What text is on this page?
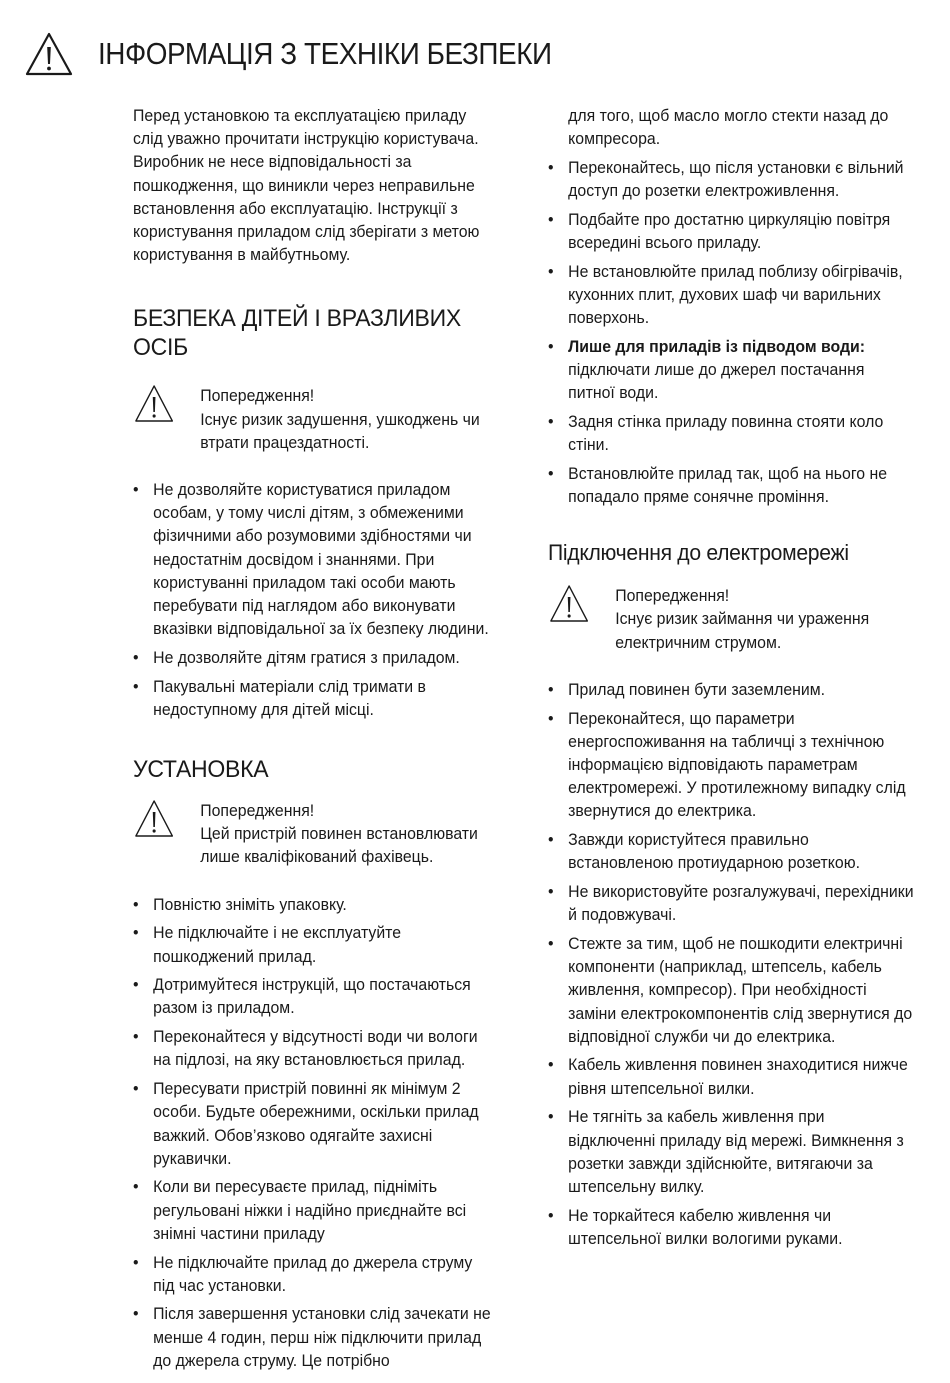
ІНФОРМАЦІЯ З ТЕХНІКИ БЕЗПЕКИ

Перед установкою та експлуатацією приладу слід уважно прочитати інструкцію користувача. Виробник не несе відповідальності за пошкодження, що виникли через неправильне встановлення або експлуатацію. Інструкції з користування приладом слід зберігати з метою користування в майбутньому.

БЕЗПЕКА ДІТЕЙ І ВРАЗЛИВИХ ОСІБ
Попередження!
Існує ризик задушення, ушкоджень чи втрати працездатності.
• Не дозволяйте користуватися приладом особам, у тому числі дітям, з обмеженими фізичними або розумовими здібностями чи недостатнім досвідом і знаннями. При користуванні приладом такі особи мають перебувати під наглядом або виконувати вказівки відповідальної за їх безпеку людини.
• Не дозволяйте дітям гратися з приладом.
• Пакувальні матеріали слід тримати в недоступному для дітей місці.
УСТАНОВКА
Попередження!
Цей пристрій повинен встановлювати лише кваліфікований фахівець.
• Повністю зніміть упаковку.
• Не підключайте і не експлуатуйте пошкоджений прилад.
• Дотримуйтеся інструкцій, що постачаються разом із приладом.
• Переконайтеся у відсутності води чи вологи на підлозі, на яку встановлюється прилад.
• Пересувати пристрій повинні як мінімум 2 особи. Будьте обережними, оскільки прилад важкий. Обов’язково одягайте захисні рукавички.
• Коли ви пересуваєте прилад, підніміть регульовані ніжки і надійно приєднайте всі знімні частини приладу
• Не підключайте прилад до джерела струму під час установки.
• Після завершення установки слід зачекати не менше 4 годин, перш ніж підключити прилад до джерела струму. Це потрібно
для того, щоб масло могло стекти назад до компресора.
• Переконайтесь, що після установки є вільний доступ до розетки електроживлення.
• Подбайте про достатню циркуляцію повітря всередині всього приладу.
• Не встановлюйте прилад поблизу обігрівачів, кухонних плит, духових шаф чи варильних поверхонь.
• Лише для приладів із підводом води: підключати лише до джерел постачання питної води.
• Задня стінка приладу повинна стояти коло стіни.
• Встановлюйте прилад так, щоб на нього не попадало пряме сонячне проміння.
Підключення до електромережі
Попередження!
Існує ризик займання чи ураження електричним струмом.
• Прилад повинен бути заземленим.
• Переконайтеся, що параметри енергоспоживання на табличці з технічною інформацією відповідають параметрам електромережі. У протилежному випадку слід звернутися до електрика.
• Завжди користуйтеся правильно встановленою протиударною розеткою.
• Не використовуйте розгалужувачі, перехідники й подовжувачі.
• Стежте за тим, щоб не пошкодити електричні компоненти (наприклад, штепсель, кабель живлення, компресор). При необхідності заміни електрокомпонентів слід звернутися до відповідної служби чи до електрика.
• Кабель живлення повинен знаходитися нижче рівня штепсельної вилки.
• Не тягніть за кабель живлення при відключенні приладу від мережі. Вимкнення з розетки завжди здійснюйте, витягаючи за штепсельну вилку.
• Не торкайтеся кабелю живлення чи штепсельної вилки вологими руками.
